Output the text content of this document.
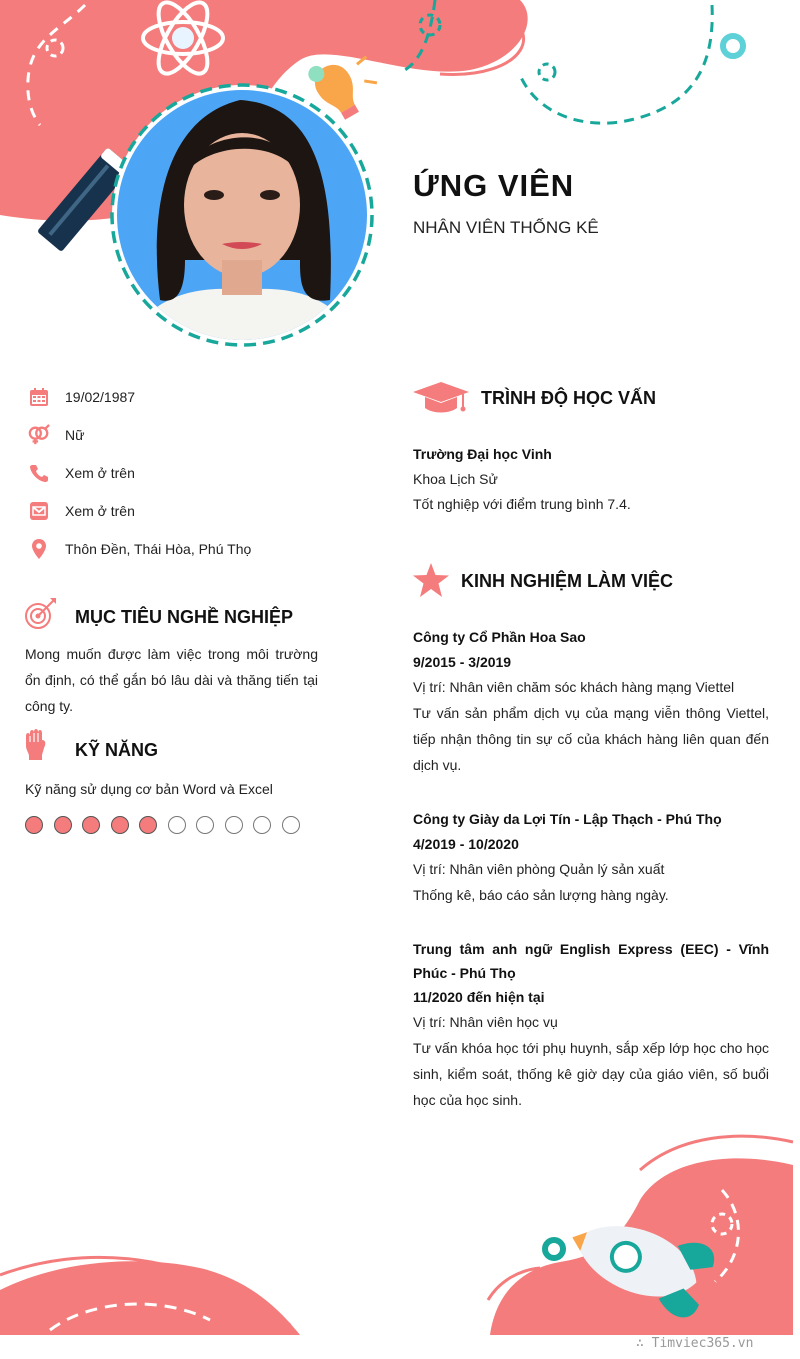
ỨNG VIÊN
NHÂN VIÊN THỐNG KÊ
19/02/1987
Nữ
Xem ở trên
Xem ở trên
Thôn Đền, Thái Hòa, Phú Thọ
MỤC TIÊU NGHỀ NGHIỆP
Mong muốn được làm việc trong môi trường ổn định, có thể gắn bó lâu dài và thăng tiến tại công ty.
KỸ NĂNG
Kỹ năng sử dụng cơ bản Word và Excel
TRÌNH ĐỘ HỌC VẤN
Trường Đại học Vinh
Khoa Lịch Sử
Tốt nghiệp với điểm trung bình 7.4.
KINH NGHIỆM LÀM VIỆC
Công ty Cổ Phần Hoa Sao
9/2015 - 3/2019
Vị trí: Nhân viên chăm sóc khách hàng mạng Viettel
Tư vấn sản phẩm dịch vụ của mạng viễn thông Viettel, tiếp nhận thông tin sự cố của khách hàng liên quan đến dịch vụ.
Công ty Giày da Lợi Tín - Lập Thạch - Phú Thọ
4/2019 - 10/2020
Vị trí: Nhân viên phòng Quản lý sản xuất
Thống kê, báo cáo sản lượng hàng ngày.
Trung tâm anh ngữ English Express (EEC) - Vĩnh Phúc - Phú Thọ
11/2020 đến hiện tại
Vị trí: Nhân viên học vụ
Tư vấn khóa học tới phụ huynh, sắp xếp lớp học cho học sinh, kiểm soát, thống kê giờ dạy của giáo viên, số buổi học của học sinh.
∴ Timviec365.vn
